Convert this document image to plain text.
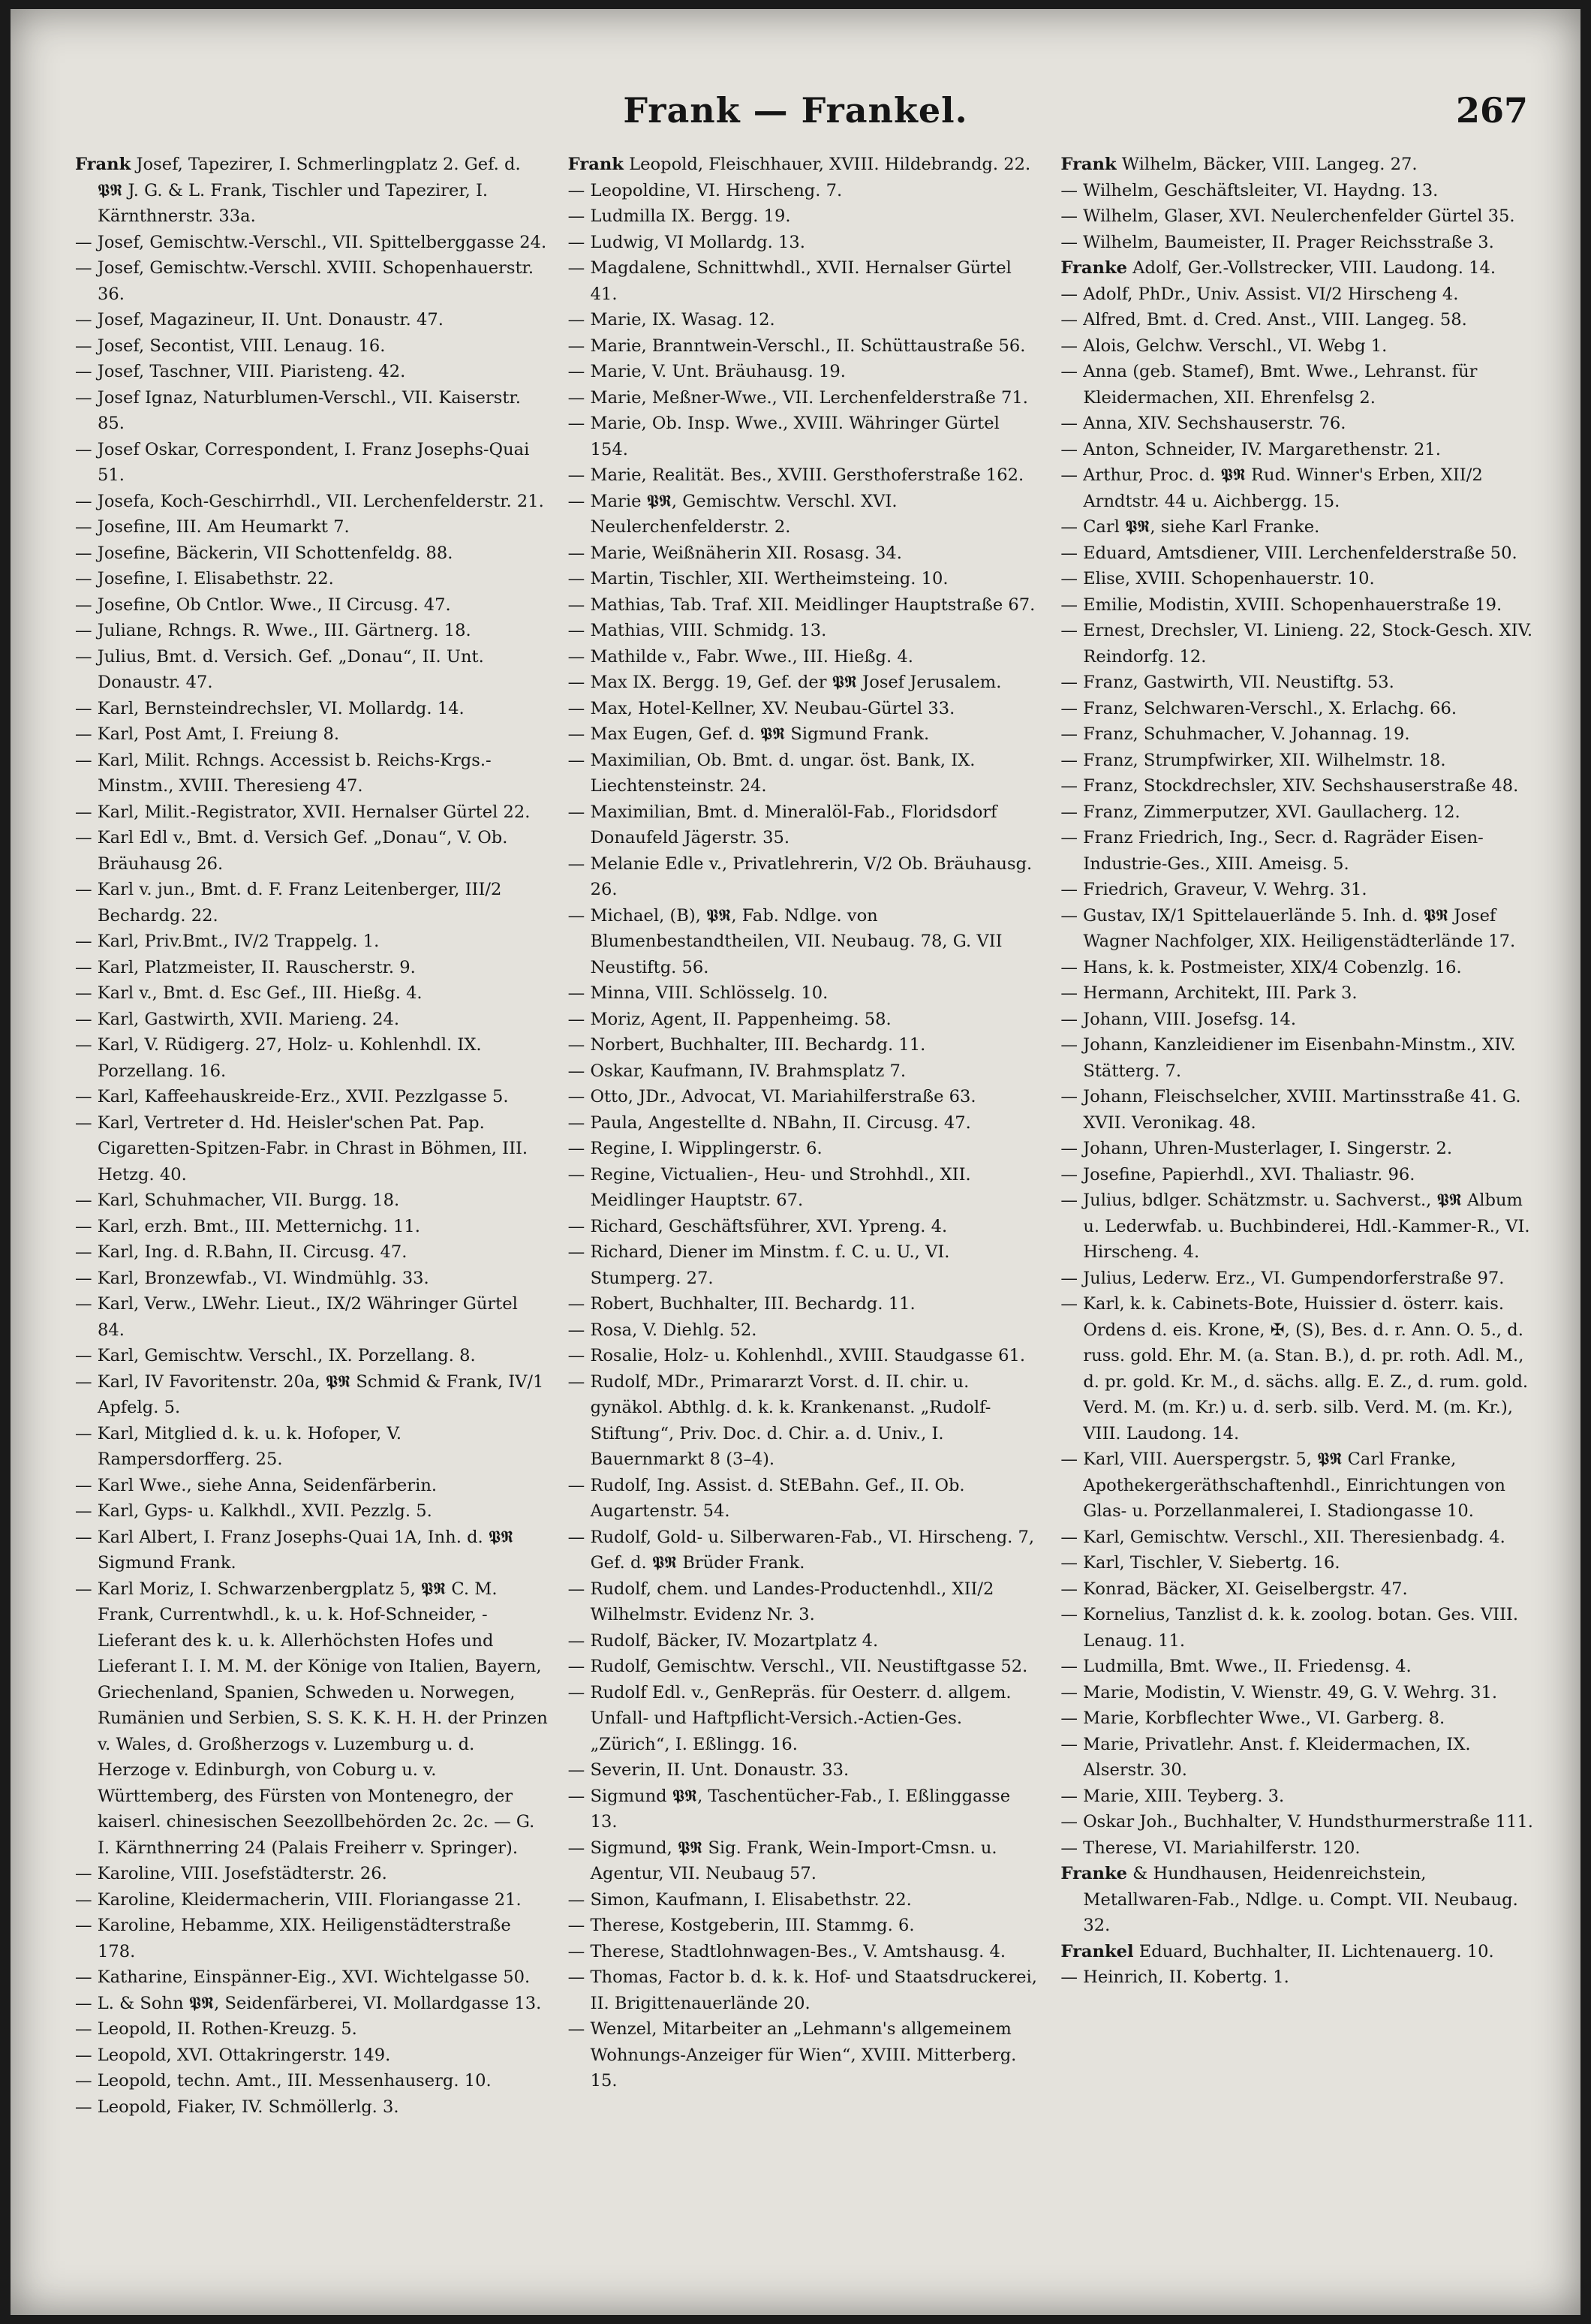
Frank — Frankel.	267
Frank Josef, Tapezirer, I. Schmerlingplatz 2. Gef. d. 𝕻𝕽 J. G. & L. Frank, Tischler und Tapezirer, I. Kärnthnerstr. 33a.
— Josef, Gemischtw.-Verschl., VII. Spittelberggasse 24.
— Josef, Gemischtw.-Verschl. XVIII. Schopenhauerstr. 36.
— Josef, Magazineur, II. Unt. Donaustr. 47.
— Josef, Secontist, VIII. Lenaug. 16.
— Josef, Taschner, VIII. Piaristeng. 42.
— Josef Ignaz, Naturblumen-Verschl., VII. Kaiserstr. 85.
— Josef Oskar, Correspondent, I. Franz Josephs-Quai 51.
— Josefa, Koch-Geschirrhdl., VII. Lerchenfelderstr. 21.
— Josefine, III. Am Heumarkt 7.
— Josefine, Bäckerin, VII Schottenfeldg. 88.
— Josefine, I. Elisabethstr. 22.
— Josefine, Ob Cntlor. Wwe., II Circusg. 47.
— Juliane, Rchngs. R. Wwe., III. Gärtnerg. 18.
— Julius, Bmt. d. Versich. Gef. „Donau“, II. Unt. Donaustr. 47.
— Karl, Bernsteindrechsler, VI. Mollardg. 14.
— Karl, Post Amt, I. Freiung 8.
— Karl, Milit. Rchngs. Accessist b. Reichs-Krgs.-Minstm., XVIII. Theresieng 47.
— Karl, Milit.-Registrator, XVII. Hernalser Gürtel 22.
— Karl Edl v., Bmt. d. Versich Gef. „Donau“, V. Ob. Bräuhausg 26.
— Karl v. jun., Bmt. d. F. Franz Leitenberger, III/2 Bechardg. 22.
— Karl, Priv.Bmt., IV/2 Trappelg. 1.
— Karl, Platzmeister, II. Rauscherstr. 9.
— Karl v., Bmt. d. Esc Gef., III. Hießg. 4.
— Karl, Gastwirth, XVII. Marieng. 24.
— Karl, V. Rüdigerg. 27, Holz- u. Kohlenhdl. IX. Porzellang. 16.
— Karl, Kaffeehauskreide-Erz., XVII. Pezzlgasse 5.
— Karl, Vertreter d. Hd. Heisler'schen Pat. Pap. Cigaretten-Spitzen-Fabr. in Chrast in Böhmen, III. Hetzg. 40.
— Karl, Schuhmacher, VII. Burgg. 18.
— Karl, erzh. Bmt., III. Metternichg. 11.
— Karl, Ing. d. R.Bahn, II. Circusg. 47.
— Karl, Bronzewfab., VI. Windmühlg. 33.
— Karl, Verw., LWehr. Lieut., IX/2 Währinger Gürtel 84.
— Karl, Gemischtw. Verschl., IX. Porzellang. 8.
— Karl, IV Favoritenstr. 20a, 𝕻𝕽 Schmid & Frank, IV/1 Apfelg. 5.
— Karl, Mitglied d. k. u. k. Hofoper, V. Rampersdorfferg. 25.
— Karl Wwe., siehe Anna, Seidenfärberin.
— Karl, Gyps- u. Kalkhdl., XVII. Pezzlg. 5.
— Karl Albert, I. Franz Josephs-Quai 1A, Inh. d. 𝕻𝕽 Sigmund Frank.
— Karl Moriz, I. Schwarzenbergplatz 5, 𝕻𝕽 C. M. Frank, Currentwhdl., k. u. k. Hof-Schneider, -Lieferant des k. u. k. Allerhöchsten Hofes und Lieferant I. I. M. M. der Könige von Italien, Bayern, Griechenland, Spanien, Schweden u. Norwegen, Rumänien und Serbien, S. S. K. K. H. H. der Prinzen v. Wales, d. Großherzogs v. Luzemburg u. d. Herzoge v. Edinburgh, von Coburg u. v. Württemberg, des Fürsten von Montenegro, der kaiserl. chinesischen Seezollbehörden 2c. 2c. — G. I. Kärnthnerring 24 (Palais Freiherr v. Springer).
— Karoline, VIII. Josefstädterstr. 26.
— Karoline, Kleidermacherin, VIII. Floriangasse 21.
— Karoline, Hebamme, XIX. Heiligenstädterstraße 178.
— Katharine, Einspänner-Eig., XVI. Wichtelgasse 50.
— L. & Sohn 𝕻𝕽, Seidenfärberei, VI. Mollardgasse 13.
— Leopold, II. Rothen-Kreuzg. 5.
— Leopold, XVI. Ottakringerstr. 149.
— Leopold, techn. Amt., III. Messenhauserg. 10.
— Leopold, Fiaker, IV. Schmöllerlg. 3.
Frank Leopold, Fleischhauer, XVIII. Hildebrandg. 22.
— Leopoldine, VI. Hirscheng. 7.
— Ludmilla IX. Bergg. 19.
— Ludwig, VI Mollardg. 13.
— Magdalene, Schnittwhdl., XVII. Hernalser Gürtel 41.
— Marie, IX. Wasag. 12.
— Marie, Branntwein-Verschl., II. Schüttaustraße 56.
— Marie, V. Unt. Bräuhausg. 19.
— Marie, Meßner-Wwe., VII. Lerchenfelderstraße 71.
— Marie, Ob. Insp. Wwe., XVIII. Währinger Gürtel 154.
— Marie, Realität. Bes., XVIII. Gersthoferstraße 162.
— Marie 𝕻𝕽, Gemischtw. Verschl. XVI. Neulerchenfelderstr. 2.
— Marie, Weißnäherin XII. Rosasg. 34.
— Martin, Tischler, XII. Wertheimsteing. 10.
— Mathias, Tab. Traf. XII. Meidlinger Hauptstraße 67.
— Mathias, VIII. Schmidg. 13.
— Mathilde v., Fabr. Wwe., III. Hießg. 4.
— Max IX. Bergg. 19, Gef. der 𝕻𝕽 Josef Jerusalem.
— Max, Hotel-Kellner, XV. Neubau-Gürtel 33.
— Max Eugen, Gef. d. 𝕻𝕽 Sigmund Frank.
— Maximilian, Ob. Bmt. d. ungar. öst. Bank, IX. Liechtensteinstr. 24.
— Maximilian, Bmt. d. Mineralöl-Fab., Floridsdorf Donaufeld Jägerstr. 35.
— Melanie Edle v., Privatlehrerin, V/2 Ob. Bräuhausg. 26.
— Michael, (B), 𝕻𝕽, Fab. Ndlge. von Blumenbestandtheilen, VII. Neubaug. 78, G. VII Neustiftg. 56.
— Minna, VIII. Schlösselg. 10.
— Moriz, Agent, II. Pappenheimg. 58.
— Norbert, Buchhalter, III. Bechardg. 11.
— Oskar, Kaufmann, IV. Brahmsplatz 7.
— Otto, JDr., Advocat, VI. Mariahilferstraße 63.
— Paula, Angestellte d. NBahn, II. Circusg. 47.
— Regine, I. Wipplingerstr. 6.
— Regine, Victualien-, Heu- und Strohhdl., XII. Meidlinger Hauptstr. 67.
— Richard, Geschäftsführer, XVI. Ypreng. 4.
— Richard, Diener im Minstm. f. C. u. U., VI. Stumperg. 27.
— Robert, Buchhalter, III. Bechardg. 11.
— Rosa, V. Diehlg. 52.
— Rosalie, Holz- u. Kohlenhdl., XVIII. Staudgasse 61.
— Rudolf, MDr., Primararzt Vorst. d. II. chir. u. gynäkol. Abthlg. d. k. k. Krankenanst. „Rudolf-Stiftung“, Priv. Doc. d. Chir. a. d. Univ., I. Bauernmarkt 8 (3–4).
— Rudolf, Ing. Assist. d. StEBahn. Gef., II. Ob. Augartenstr. 54.
— Rudolf, Gold- u. Silberwaren-Fab., VI. Hirscheng. 7, Gef. d. 𝕻𝕽 Brüder Frank.
— Rudolf, chem. und Landes-Productenhdl., XII/2 Wilhelmstr. Evidenz Nr. 3.
— Rudolf, Bäcker, IV. Mozartplatz 4.
— Rudolf, Gemischtw. Verschl., VII. Neustiftgasse 52.
— Rudolf Edl. v., GenRepräs. für Oesterr. d. allgem. Unfall- und Haftpflicht-Versich.-Actien-Ges. „Zürich“, I. Eßlingg. 16.
— Severin, II. Unt. Donaustr. 33.
— Sigmund 𝕻𝕽, Taschentücher-Fab., I. Eßlinggasse 13.
— Sigmund, 𝕻𝕽 Sig. Frank, Wein-Import-Cmsn. u. Agentur, VII. Neubaug 57.
— Simon, Kaufmann, I. Elisabethstr. 22.
— Therese, Kostgeberin, III. Stammg. 6.
— Therese, Stadtlohnwagen-Bes., V. Amtshausg. 4.
— Thomas, Factor b. d. k. k. Hof- und Staatsdruckerei, II. Brigittenauerlände 20.
— Wenzel, Mitarbeiter an „Lehmann's allgemeinem Wohnungs-Anzeiger für Wien“, XVIII. Mitterberg. 15.
Frank Wilhelm, Bäcker, VIII. Langeg. 27.
— Wilhelm, Geschäftsleiter, VI. Haydng. 13.
— Wilhelm, Glaser, XVI. Neulerchenfelder Gürtel 35.
— Wilhelm, Baumeister, II. Prager Reichsstraße 3.
Franke Adolf, Ger.-Vollstrecker, VIII. Laudong. 14.
— Adolf, PhDr., Univ. Assist. VI/2 Hirscheng 4.
— Alfred, Bmt. d. Cred. Anst., VIII. Langeg. 58.
— Alois, Gelchw. Verschl., VI. Webg 1.
— Anna (geb. Stamef), Bmt. Wwe., Lehranst. für Kleidermachen, XII. Ehrenfelsg 2.
— Anna, XIV. Sechshauserstr. 76.
— Anton, Schneider, IV. Margarethenstr. 21.
— Arthur, Proc. d. 𝕻𝕽 Rud. Winner's Erben, XII/2 Arndtstr. 44 u. Aichbergg. 15.
— Carl 𝕻𝕽, siehe Karl Franke.
— Eduard, Amtsdiener, VIII. Lerchenfelderstraße 50.
— Elise, XVIII. Schopenhauerstr. 10.
— Emilie, Modistin, XVIII. Schopenhauerstraße 19.
— Ernest, Drechsler, VI. Linieng. 22, Stock-Gesch. XIV. Reindorfg. 12.
— Franz, Gastwirth, VII. Neustiftg. 53.
— Franz, Selchwaren-Verschl., X. Erlachg. 66.
— Franz, Schuhmacher, V. Johannag. 19.
— Franz, Strumpfwirker, XII. Wilhelmstr. 18.
— Franz, Stockdrechsler, XIV. Sechshauserstraße 48.
— Franz, Zimmerputzer, XVI. Gaullacherg. 12.
— Franz Friedrich, Ing., Secr. d. Ragräder Eisen-Industrie-Ges., XIII. Ameisg. 5.
— Friedrich, Graveur, V. Wehrg. 31.
— Gustav, IX/1 Spittelauerlände 5. Inh. d. 𝕻𝕽 Josef Wagner Nachfolger, XIX. Heiligenstädterlände 17.
— Hans, k. k. Postmeister, XIX/4 Cobenzlg. 16.
— Hermann, Architekt, III. Park 3.
— Johann, VIII. Josefsg. 14.
— Johann, Kanzleidiener im Eisenbahn-Minstm., XIV. Stätterg. 7.
— Johann, Fleischselcher, XVIII. Martinsstraße 41. G. XVII. Veronikag. 48.
— Johann, Uhren-Musterlager, I. Singerstr. 2.
— Josefine, Papierhdl., XVI. Thaliastr. 96.
— Julius, bdlger. Schätzmstr. u. Sachverst., 𝕻𝕽 Album u. Lederwfab. u. Buchbinderei, Hdl.-Kammer-R., VI. Hirscheng. 4.
— Julius, Lederw. Erz., VI. Gumpendorferstraße 97.
— Karl, k. k. Cabinets-Bote, Huissier d. österr. kais. Ordens d. eis. Krone, ✠, (S), Bes. d. r. Ann. O. 5., d. russ. gold. Ehr. M. (a. Stan. B.), d. pr. roth. Adl. M., d. pr. gold. Kr. M., d. sächs. allg. E. Z., d. rum. gold. Verd. M. (m. Kr.) u. d. serb. silb. Verd. M. (m. Kr.), VIII. Laudong. 14.
— Karl, VIII. Auerspergstr. 5, 𝕻𝕽 Carl Franke, Apothekergeräthschaftenhdl., Einrichtungen von Glas- u. Porzellanmalerei, I. Stadiongasse 10.
— Karl, Gemischtw. Verschl., XII. Theresienbadg. 4.
— Karl, Tischler, V. Siebertg. 16.
— Konrad, Bäcker, XI. Geiselbergstr. 47.
— Kornelius, Tanzlist d. k. k. zoolog. botan. Ges. VIII. Lenaug. 11.
— Ludmilla, Bmt. Wwe., II. Friedensg. 4.
— Marie, Modistin, V. Wienstr. 49, G. V. Wehrg. 31.
— Marie, Korbflechter Wwe., VI. Garberg. 8.
— Marie, Privatlehr. Anst. f. Kleidermachen, IX. Alserstr. 30.
— Marie, XIII. Teyberg. 3.
— Oskar Joh., Buchhalter, V. Hundsthurmerstraße 111.
— Therese, VI. Mariahilferstr. 120.
Franke & Hundhausen, Heidenreichstein, Metallwaren-Fab., Ndlge. u. Compt. VII. Neubaug. 32.
Frankel Eduard, Buchhalter, II. Lichtenauerg. 10.
— Heinrich, II. Kobertg. 1.
